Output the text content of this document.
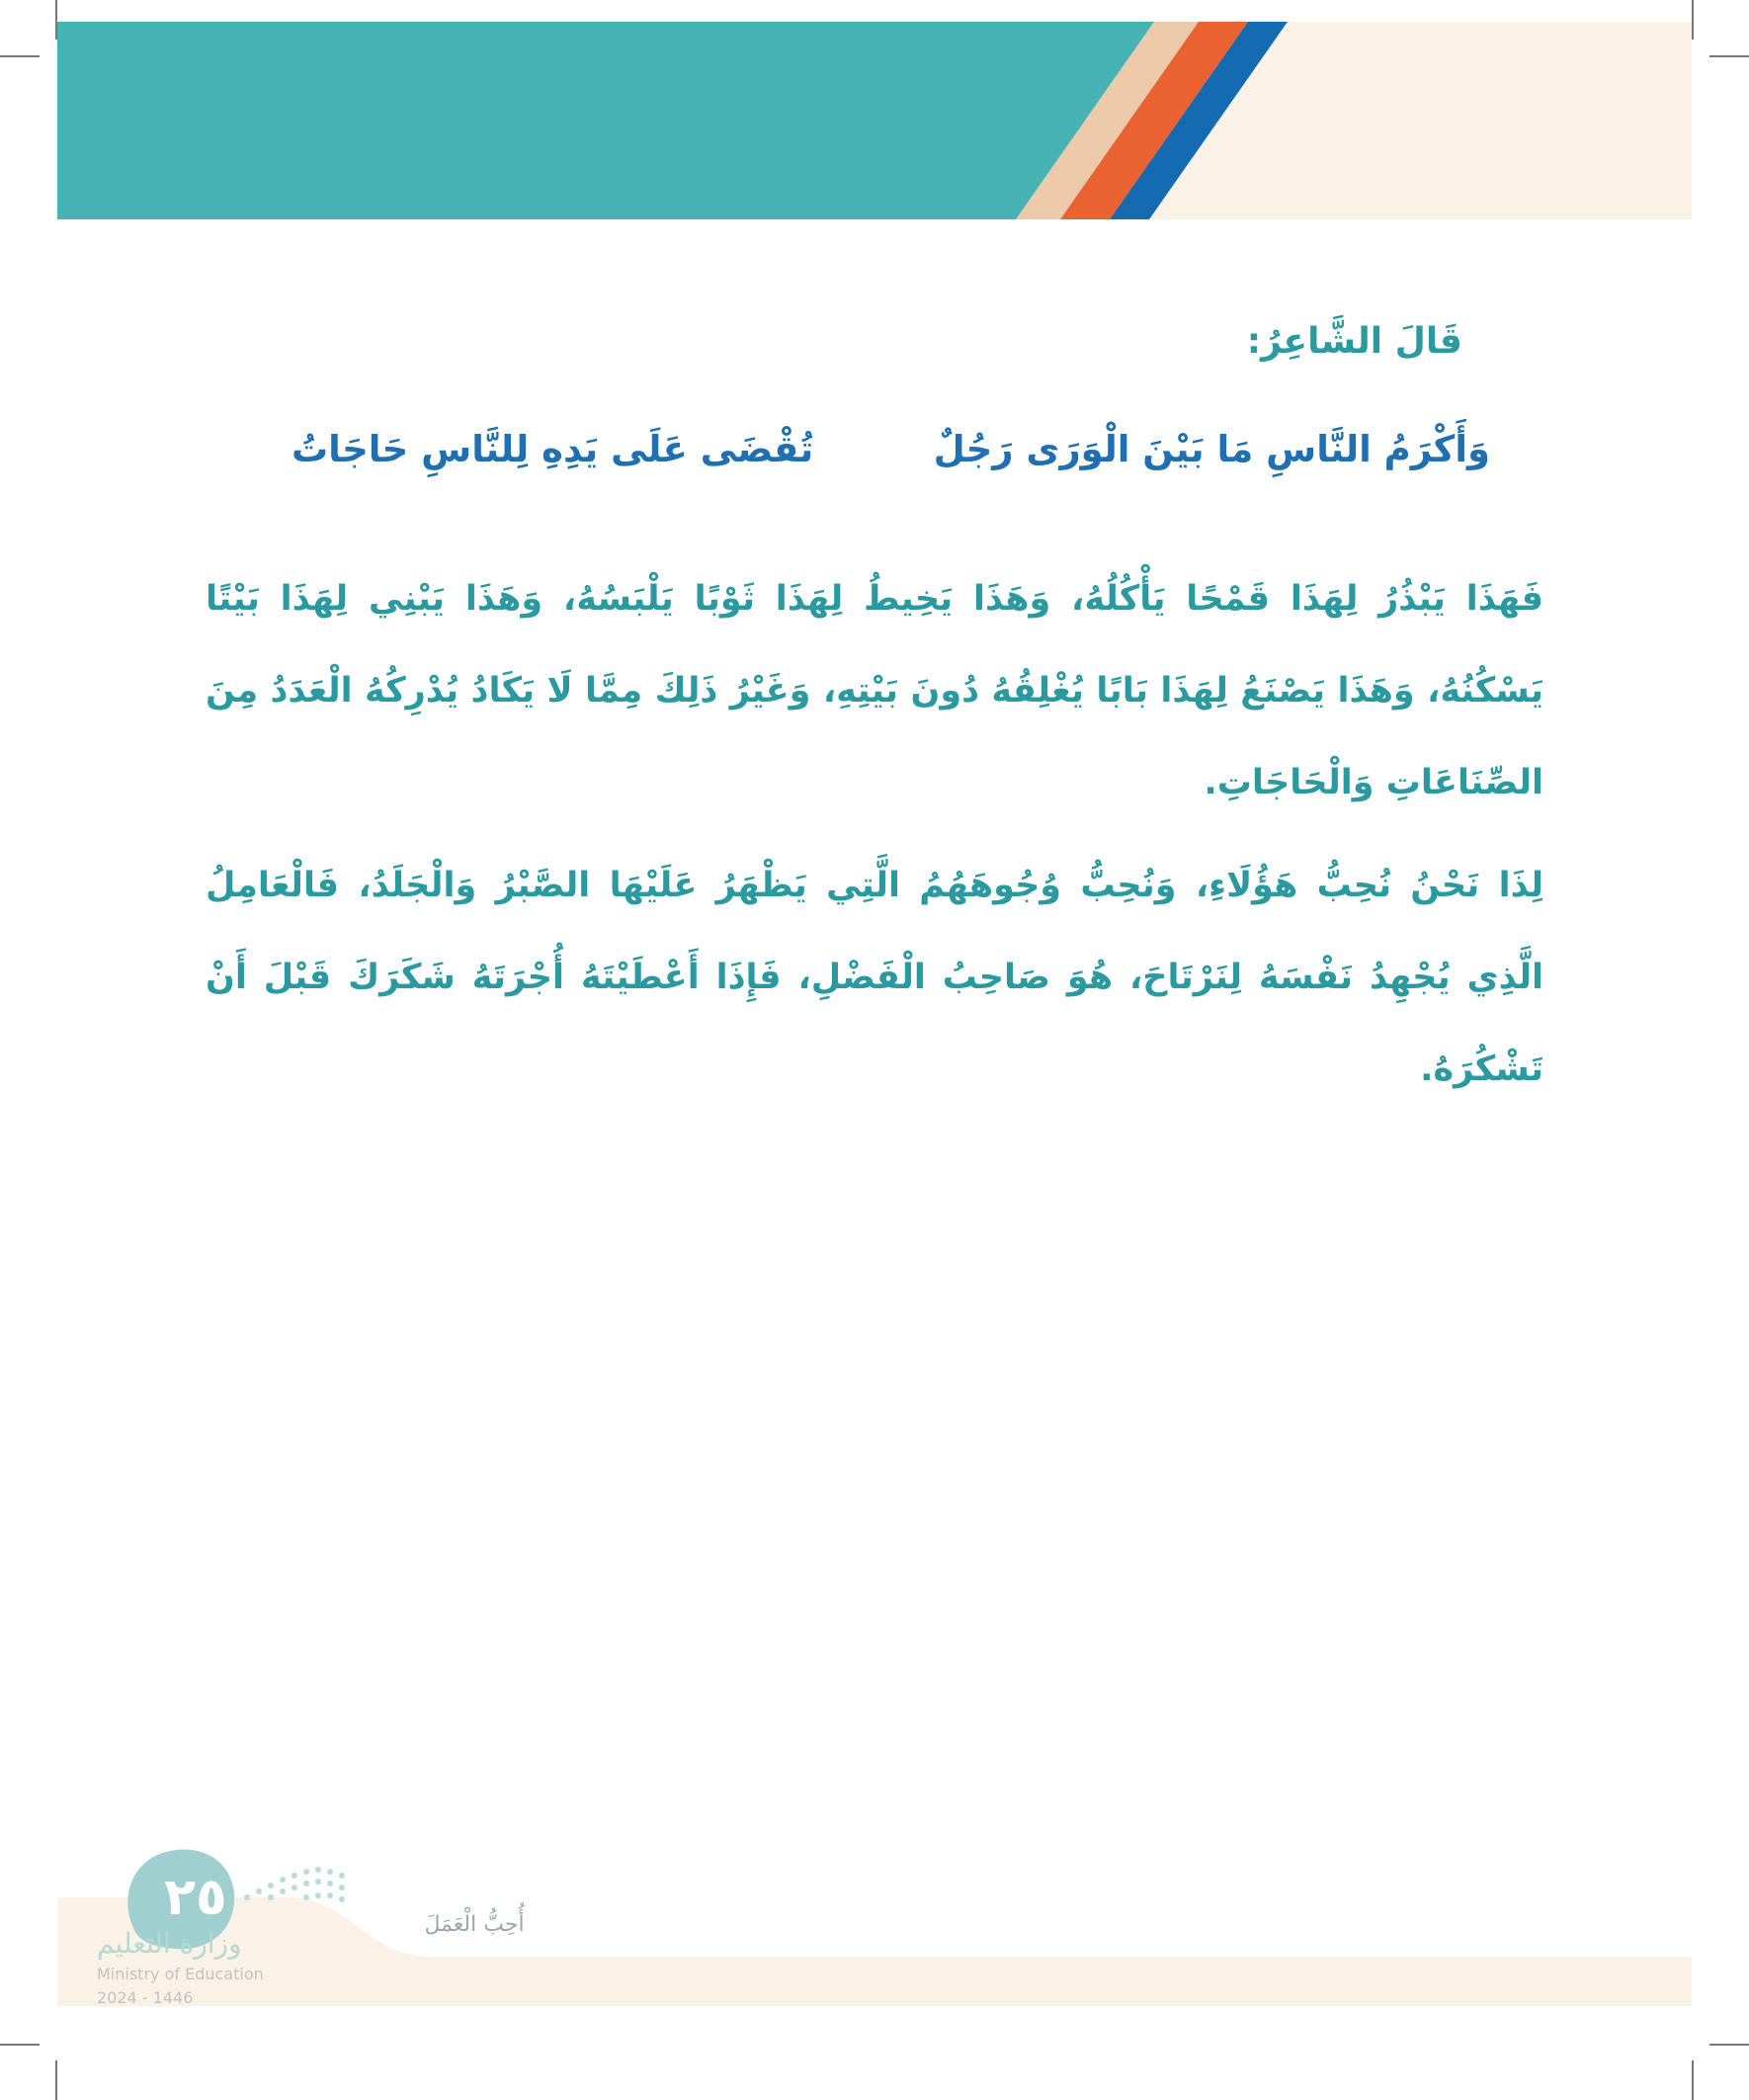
قَالَ الشَّاعِرُ:
وَأَكْرَمُ النَّاسِ مَا بَيْنَ الْوَرَى رَجُلٌ
تُقْضَى عَلَى يَدِهِ لِلنَّاسِ حَاجَاتُ
فَهَذَا يَبْذُرُ لِهَذَا قَمْحًا يَأْكُلُهُ، وَهَذَا يَخِيطُ لِهَذَا ثَوْبًا يَلْبَسُهُ، وَهَذَا يَبْنِي لِهَذَا بَيْتًا يَسْكُنُهُ، وَهَذَا يَصْنَعُ لِهَذَا بَابًا يُغْلِقُهُ دُونَ بَيْتِهِ، وَغَيْرُ ذَلِكَ مِمَّا لَا يَكَادُ يُدْرِكُهُ الْعَدَدُ مِنَ الصِّنَاعَاتِ وَالْحَاجَاتِ.
لِذَا نَحْنُ نُحِبُّ هَؤُلَاءِ، وَنُحِبُّ وُجُوهَهُمُ الَّتِي يَظْهَرُ عَلَيْهَا الصَّبْرُ وَالْجَلَدُ، فَالْعَامِلُ الَّذِي يُجْهِدُ نَفْسَهُ لِنَرْتَاحَ، هُوَ صَاحِبُ الْفَضْلِ، فَإِذَا أَعْطَيْتَهُ أُجْرَتَهُ شَكَرَكَ قَبْلَ أَنْ تَشْكُرَهُ.
٢٥	أُحِبُّ الْعَمَلَ
وزارة التعليم
Ministry of Education
2024 - 1446
